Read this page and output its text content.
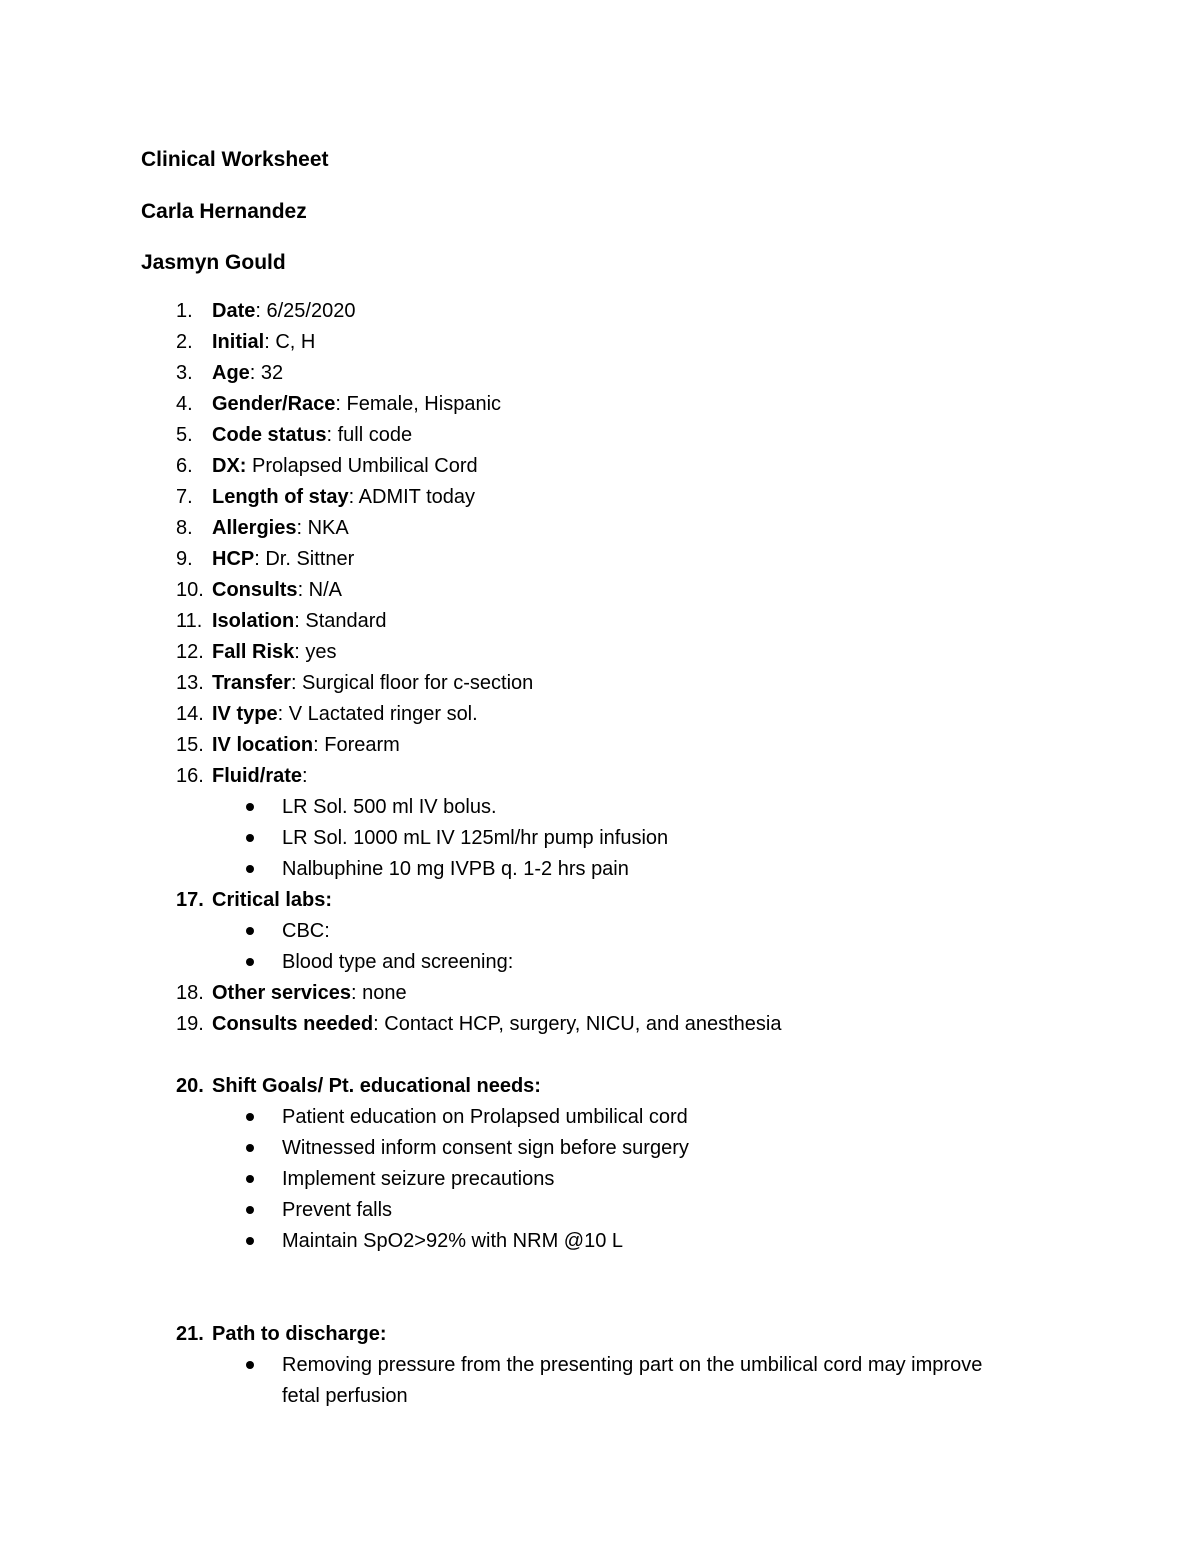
Clinical Worksheet
Carla Hernandez
Jasmyn Gould
1. Date: 6/25/2020
2. Initial: C, H
3. Age: 32
4. Gender/Race: Female, Hispanic
5. Code status: full code
6. DX: Prolapsed Umbilical Cord
7. Length of stay: ADMIT today
8. Allergies: NKA
9. HCP: Dr. Sittner
10. Consults: N/A
11. Isolation: Standard
12. Fall Risk: yes
13. Transfer: Surgical floor for c-section
14. IV type: V Lactated ringer sol.
15. IV location: Forearm
16. Fluid/rate:
LR Sol. 500 ml IV bolus.
LR Sol. 1000 mL IV 125ml/hr pump infusion
Nalbuphine 10 mg IVPB q. 1-2 hrs pain
17. Critical labs:
CBC:
Blood type and screening:
18. Other services: none
19. Consults needed: Contact HCP, surgery, NICU, and anesthesia
20. Shift Goals/ Pt. educational needs:
Patient education on Prolapsed umbilical cord
Witnessed inform consent sign before surgery
Implement seizure precautions
Prevent falls
Maintain SpO2>92% with NRM @10 L
21. Path to discharge:
Removing pressure from the presenting part on the umbilical cord may improve
fetal perfusion
